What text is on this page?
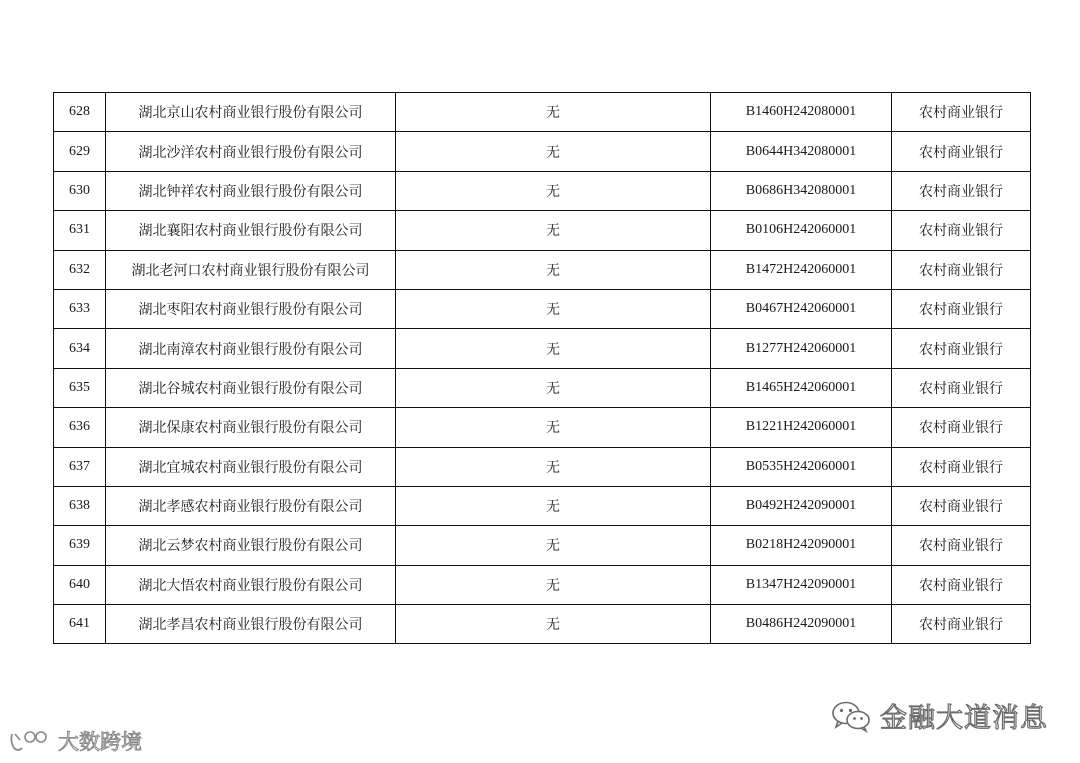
628	湖北京山农村商业银行股份有限公司	无	B1460H242080001	农村商业银行
629	湖北沙洋农村商业银行股份有限公司	无	B0644H342080001	农村商业银行
630	湖北钟祥农村商业银行股份有限公司	无	B0686H342080001	农村商业银行
631	湖北襄阳农村商业银行股份有限公司	无	B0106H242060001	农村商业银行
632	湖北老河口农村商业银行股份有限公司	无	B1472H242060001	农村商业银行
633	湖北枣阳农村商业银行股份有限公司	无	B0467H242060001	农村商业银行
634	湖北南漳农村商业银行股份有限公司	无	B1277H242060001	农村商业银行
635	湖北谷城农村商业银行股份有限公司	无	B1465H242060001	农村商业银行
636	湖北保康农村商业银行股份有限公司	无	B1221H242060001	农村商业银行
637	湖北宜城农村商业银行股份有限公司	无	B0535H242060001	农村商业银行
638	湖北孝感农村商业银行股份有限公司	无	B0492H242090001	农村商业银行
639	湖北云梦农村商业银行股份有限公司	无	B0218H242090001	农村商业银行
640	湖北大悟农村商业银行股份有限公司	无	B1347H242090001	农村商业银行
641	湖北孝昌农村商业银行股份有限公司	无	B0486H242090001	农村商业银行
金融大道消息
大数跨境
